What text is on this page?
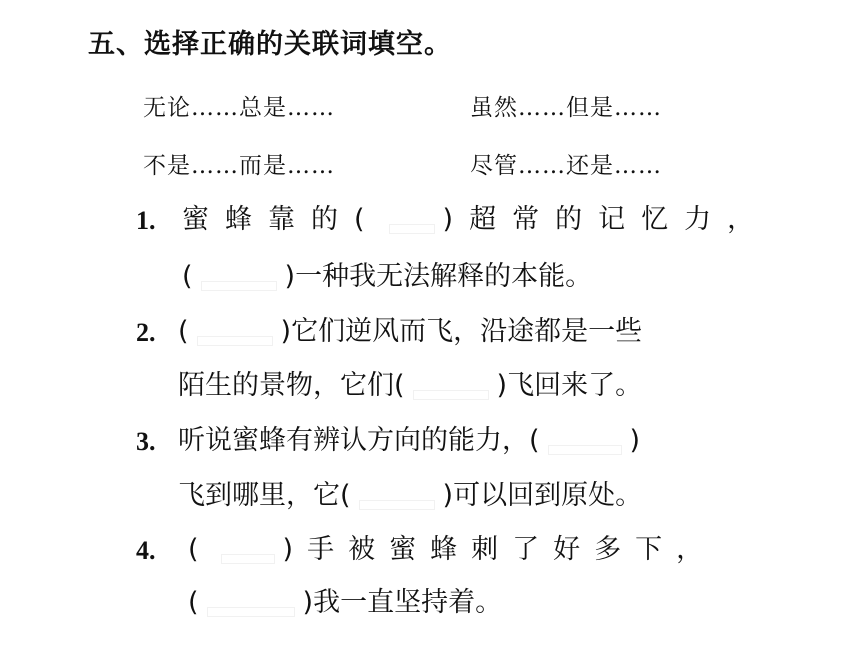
五、选择正确的关联词填空。
无论……总是……	虽然……但是……
不是……而是……	尽管……还是……
1. 蜜蜂靠的( )超常的记忆力，
(	)一种我无法解释的本能。
2. (	)它们逆风而飞，沿途都是一些
陌生的景物，它们(	)飞回来了。
3. 听说蜜蜂有辨认方向的能力，(	)
飞到哪里，它(	)可以回到原处。
4. (	)手被蜜蜂刺了好多下，
(	)我一直坚持着。
